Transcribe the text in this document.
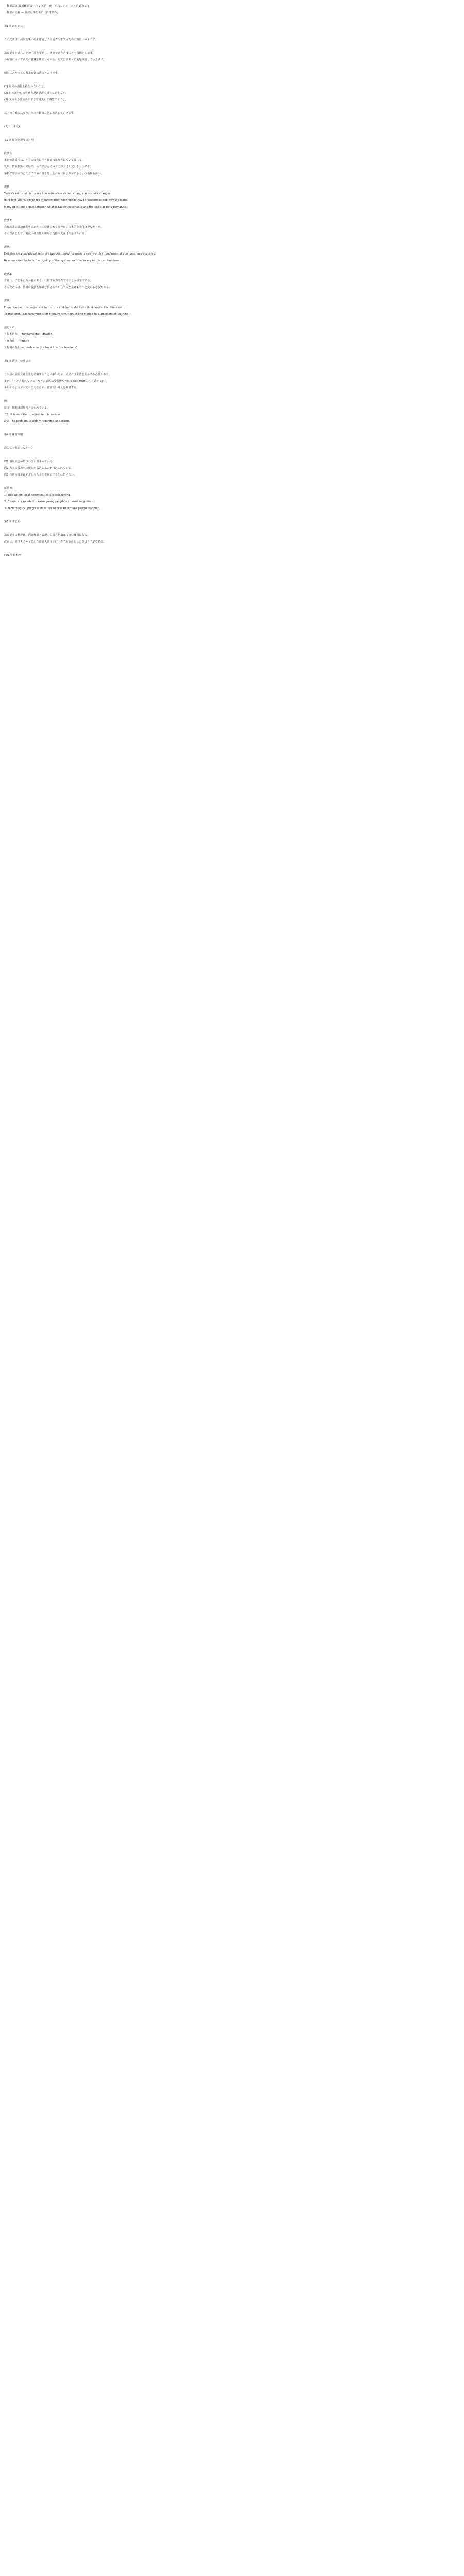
「翻訳記事(論説翻訳)から学ぶ英語」から始めるシリーズ・第1回(草案)
「翻訳の実践 ― 論説記事を英語に訳す試み」
第1章 はじめに
この文書は、論説記事の英訳を通じて英語表現を学ぶための練習ノートです。
論説記事を読み、その主張を要約し、英語で書き直すことを目標とします。
各段落について原文の意味を確認しながら、訳文の語順・語彙を検討していきます。
翻訳にあたっての基本方針は次のとおりです。
(1) 原文の趣旨を損なわないこと。
(2) 日本語特有の省略表現は英語で補って訳すこと。
(3) 文の長さは読みやすさを優先して調整すること。
以上の方針に基づき、本文を段落ごとに英訳していきます。
(以下、本文)
第2章 原文と訳文の対照
段落1:
本日の論説では、社会の変化に伴う教育の在り方について論じる。
近年、情報技術の発展によって学び方そのものが大きく変わりつつある。
学校で学ぶ内容と社会で求められる能力との間に隔たりがあるという指摘も多い。
訳例:
Today's editorial discusses how education should change as society changes.
In recent years, advances in information technology have transformed the way we learn.
Many point out a gap between what is taught in schools and the skills society demands.
段落2:
教育改革の議論は長年にわたって続けられてきたが、抜本的な変化は少なかった。
その理由として、制度の硬直性や現場の負担の大きさが挙げられる。
訳例:
Debates on educational reform have continued for many years, yet few fundamental changes have occurred.
Reasons cited include the rigidity of the system and the heavy burden on teachers.
段落3:
今後は、子どもたちが自ら考え、行動する力を育てることが重要である。
そのためには、教師の役割も知識を伝える者から学びを支える者へと変わる必要がある。
訳例:
From now on, it is important to nurture children's ability to think and act on their own.
To that end, teachers must shift from transmitters of knowledge to supporters of learning.
語句メモ:
・抜本的な ― fundamental / drastic
・硬直性 ― rigidity
・現場の負担 ― burden on the front line (on teachers)
第3章 訳出上の注意点
日本語の論説文は主語を省略することが多いため、英訳では主語を明示する必要がある。
また、「〜と言われている」などの表現は受動態や "It is said that ..." で訳せるが、
多用すると文章が冗長になるため、適宜言い換えを検討する。
例:
原文「問題は深刻だと言われている。」
直訳 It is said that the problem is serious.
改善 The problem is widely regarded as serious.
第4章 練習問題
次の文を英訳しなさい。
問1 地域社会の結びつきが弱まっている。
問2 若者の政治への関心を高める工夫が求められている。
問3 技術の進歩は必ずしも人々を幸せにするとは限らない。
解答例:
1. Ties within local communities are weakening.
2. Efforts are needed to raise young people's interest in politics.
3. Technological progress does not necessarily make people happier.
第5章 まとめ
論説記事の翻訳は、内容理解と表現力の両方を鍛える良い練習になる。
次回は、経済をテーマにした論説を取り上げ、専門用語の訳し方を扱う予定である。
(第1回 終わり)
